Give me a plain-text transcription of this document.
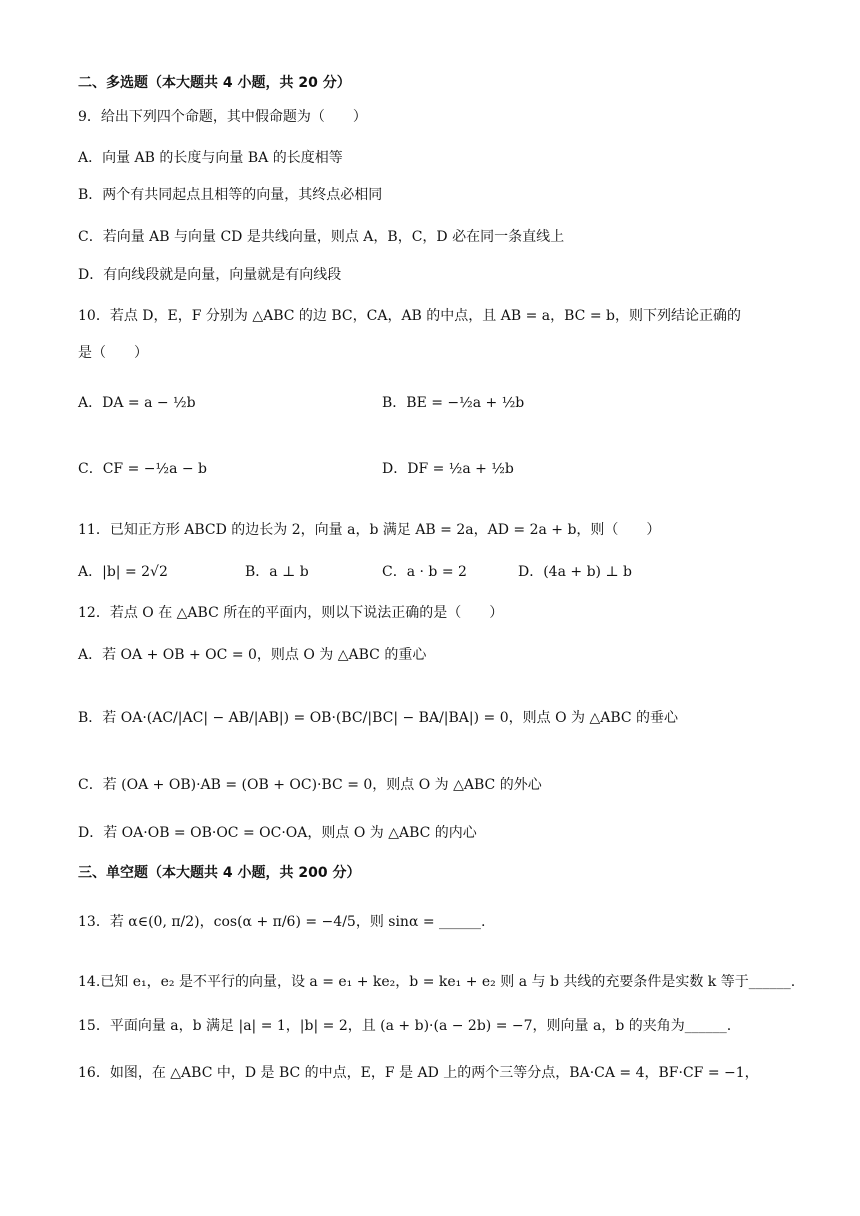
二、多选题（本大题共 4 小题，共 20 分）
9．给出下列四个命题，其中假命题为（　　）
A．向量 AB 的长度与向量 BA 的长度相等
B．两个有共同起点且相等的向量，其终点必相同
C．若向量 AB 与向量 CD 是共线向量，则点 A，B，C，D 必在同一条直线上
D．有向线段就是向量，向量就是有向线段
10．若点 D，E，F 分别为 △ABC 的边 BC，CA，AB 的中点，且 AB = a，BC = b，则下列结论正确的
是（　　）
A．DA = a − ½b	B．BE = −½a + ½b
C．CF = −½a − b	D．DF = ½a + ½b
11．已知正方形 ABCD 的边长为 2，向量 a，b 满足 AB = 2a，AD = 2a + b，则（　　）
A．|b| = 2√2	B．a ⊥ b	C．a · b = 2	D．(4a + b) ⊥ b
12．若点 O 在 △ABC 所在的平面内，则以下说法正确的是（　　）
A．若 OA + OB + OC = 0，则点 O 为 △ABC 的重心
B．若 OA·(AC/|AC| − AB/|AB|) = OB·(BC/|BC| − BA/|BA|) = 0，则点 O 为 △ABC 的垂心
C．若 (OA + OB)·AB = (OB + OC)·BC = 0，则点 O 为 △ABC 的外心
D．若 OA·OB = OB·OC = OC·OA，则点 O 为 △ABC 的内心
三、单空题（本大题共 4 小题，共 200 分）
13．若 α∈(0, π/2)，cos(α + π/6) = −4/5，则 sinα = ______.
14.已知 e₁，e₂ 是不平行的向量，设 a = e₁ + ke₂，b = ke₁ + e₂ 则 a 与 b 共线的充要条件是实数 k 等于______.
15．平面向量 a，b 满足 |a| = 1，|b| = 2，且 (a + b)·(a − 2b) = −7，则向量 a，b 的夹角为______.
16．如图，在 △ABC 中，D 是 BC 的中点，E，F 是 AD 上的两个三等分点，BA·CA = 4，BF·CF = −1，
